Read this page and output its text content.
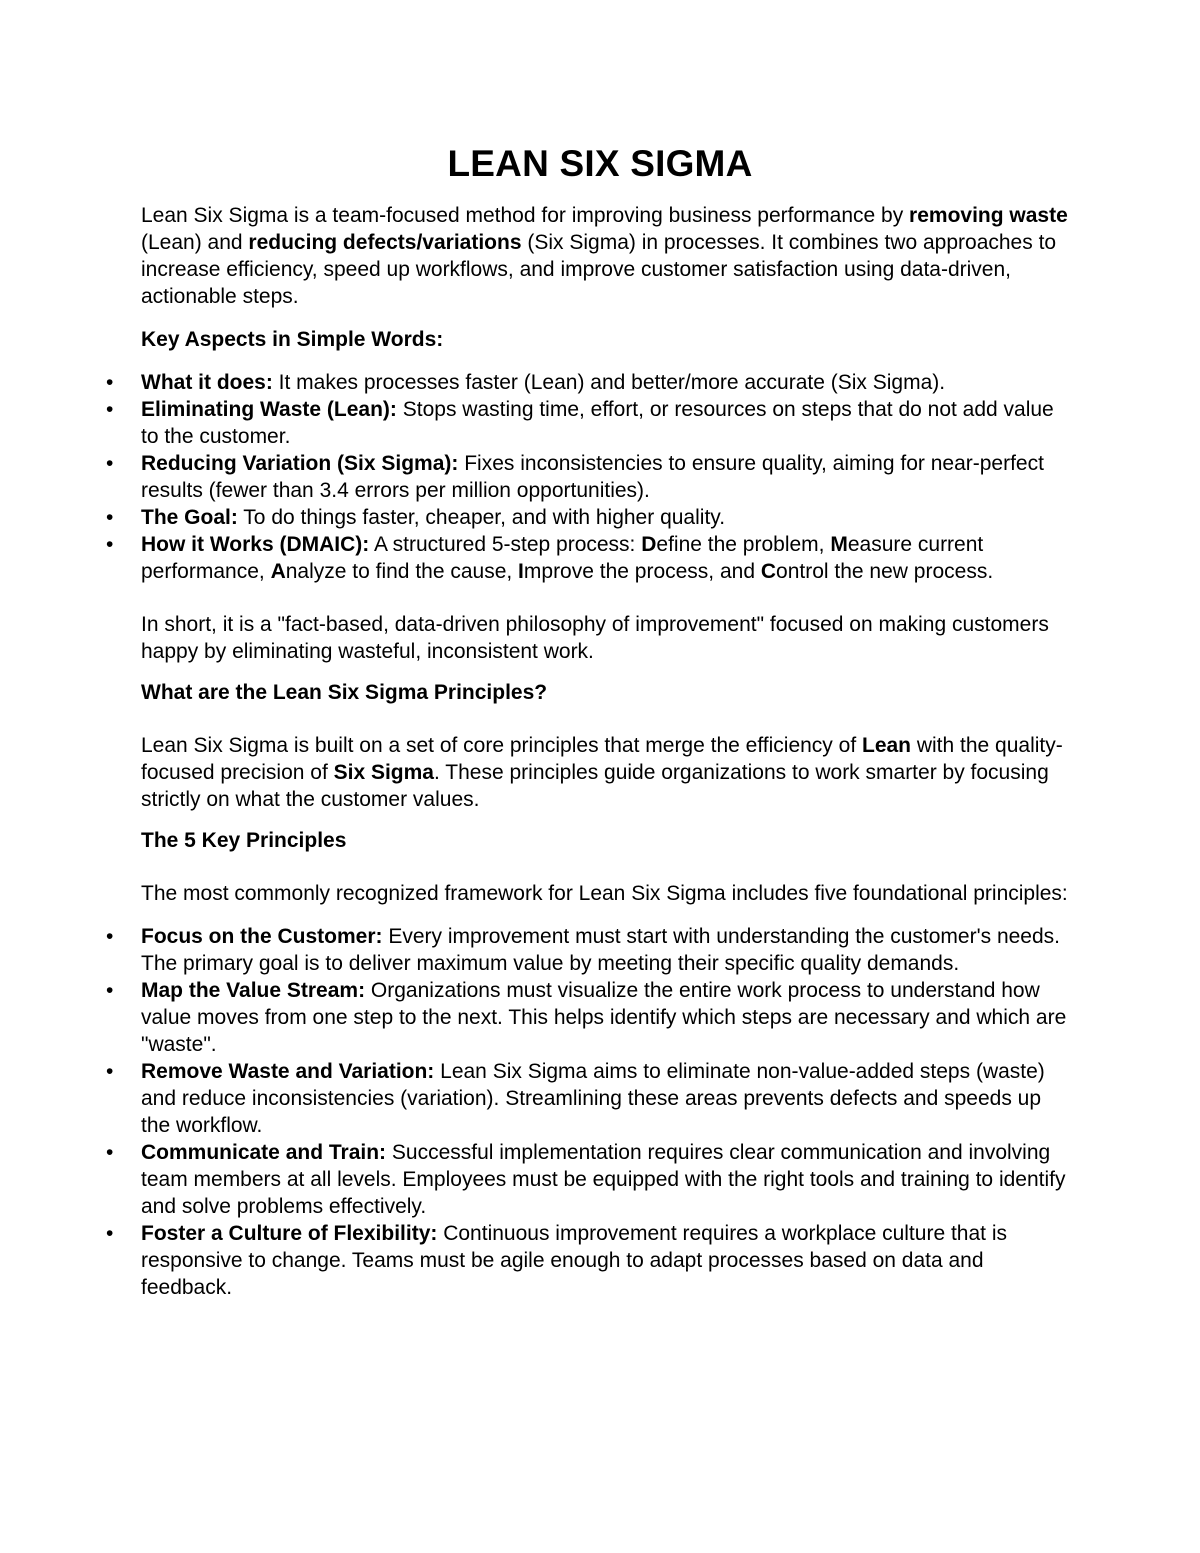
LEAN SIX SIGMA

Lean Six Sigma is a team-focused method for improving business performance by removing waste (Lean) and reducing defects/variations (Six Sigma) in processes. It combines two approaches to increase efficiency, speed up workflows, and improve customer satisfaction using data-driven, actionable steps.

Key Aspects in Simple Words:

•	What it does: It makes processes faster (Lean) and better/more accurate (Six Sigma).
•	Eliminating Waste (Lean): Stops wasting time, effort, or resources on steps that do not add value to the customer.
•	Reducing Variation (Six Sigma): Fixes inconsistencies to ensure quality, aiming for near-perfect results (fewer than 3.4 errors per million opportunities).
•	The Goal: To do things faster, cheaper, and with higher quality.
•	How it Works (DMAIC): A structured 5-step process: Define the problem, Measure current performance, Analyze to find the cause, Improve the process, and Control the new process.

In short, it is a "fact-based, data-driven philosophy of improvement" focused on making customers happy by eliminating wasteful, inconsistent work.

What are the Lean Six Sigma Principles?

Lean Six Sigma is built on a set of core principles that merge the efficiency of Lean with the quality-focused precision of Six Sigma. These principles guide organizations to work smarter by focusing strictly on what the customer values.

The 5 Key Principles

The most commonly recognized framework for Lean Six Sigma includes five foundational principles:

•	Focus on the Customer: Every improvement must start with understanding the customer's needs. The primary goal is to deliver maximum value by meeting their specific quality demands.
•	Map the Value Stream: Organizations must visualize the entire work process to understand how value moves from one step to the next. This helps identify which steps are necessary and which are "waste".
•	Remove Waste and Variation: Lean Six Sigma aims to eliminate non-value-added steps (waste) and reduce inconsistencies (variation). Streamlining these areas prevents defects and speeds up the workflow.
•	Communicate and Train: Successful implementation requires clear communication and involving team members at all levels. Employees must be equipped with the right tools and training to identify and solve problems effectively.
•	Foster a Culture of Flexibility: Continuous improvement requires a workplace culture that is responsive to change. Teams must be agile enough to adapt processes based on data and feedback.
